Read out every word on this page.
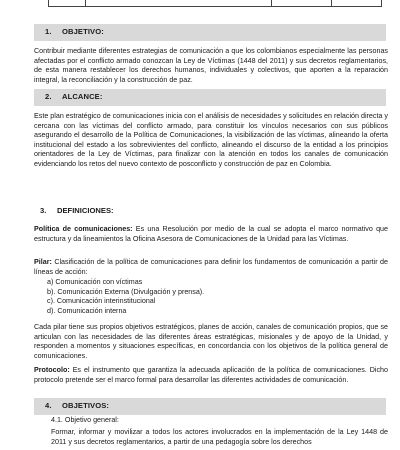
1. OBJETIVO:

Contribuir mediante diferentes estrategias de comunicación a que los colombianos especialmente las personas afectadas por el conflicto armado conozcan la Ley de Víctimas (1448 del 2011) y sus decretos reglamentarios, de esta manera restablecer los derechos humanos, individuales y colectivos, que aporten a la reparación integral, la reconciliación y la construcción de paz.

2. ALCANCE:

Este plan estratégico de comunicaciones inicia con el análisis de necesidades y solicitudes en relación directa y cercana con las víctimas del conflicto armado, para constituir los vínculos necesarios con sus públicos asegurando el desarrollo de la Política de Comunicaciones, la visibilización de las víctimas, alineando la oferta institucional del estado a los sobrevivientes del conflicto, alineando el discurso de la entidad a los principios orientadores de la Ley de Víctimas, para finalizar con la atención en todos los canales de comunicación evidenciando los retos del nuevo contexto de posconflicto y construcción de paz en Colombia.

3. DEFINICIONES:

Política de comunicaciones: Es una Resolución por medio de la cual se adopta el marco normativo que estructura y da lineamientos la Oficina Asesora de Comunicaciones de la Unidad para las Víctimas.

Pilar: Clasificación de la política de comunicaciones para definir los fundamentos de comunicación a partir de líneas de acción:

a) Comunicación con víctimas
b). Comunicación Externa (Divulgación y prensa).
c). Comunicación interinstitucional
d). Comunicación interna

Cada pilar tiene sus propios objetivos estratégicos, planes de acción, canales de comunicación propios, que se articulan con las necesidades de las diferentes áreas estratégicas, misionales y de apoyo de la Unidad, y responden a momentos y situaciones específicas, en concordancia con los objetivos de la política general de comunicaciones.

Protocolo: Es el instrumento que garantiza la adecuada aplicación de la política de comunicaciones. Dicho protocolo pretende ser el marco formal para desarrollar las diferentes actividades de comunicación.

4. OBJETIVOS:
4.1. Objetivo general:

Formar, informar y movilizar a todos los actores involucrados en la implementación de la Ley 1448 de 2011 y sus decretos reglamentarios, a partir de una pedagogía sobre los derechos
